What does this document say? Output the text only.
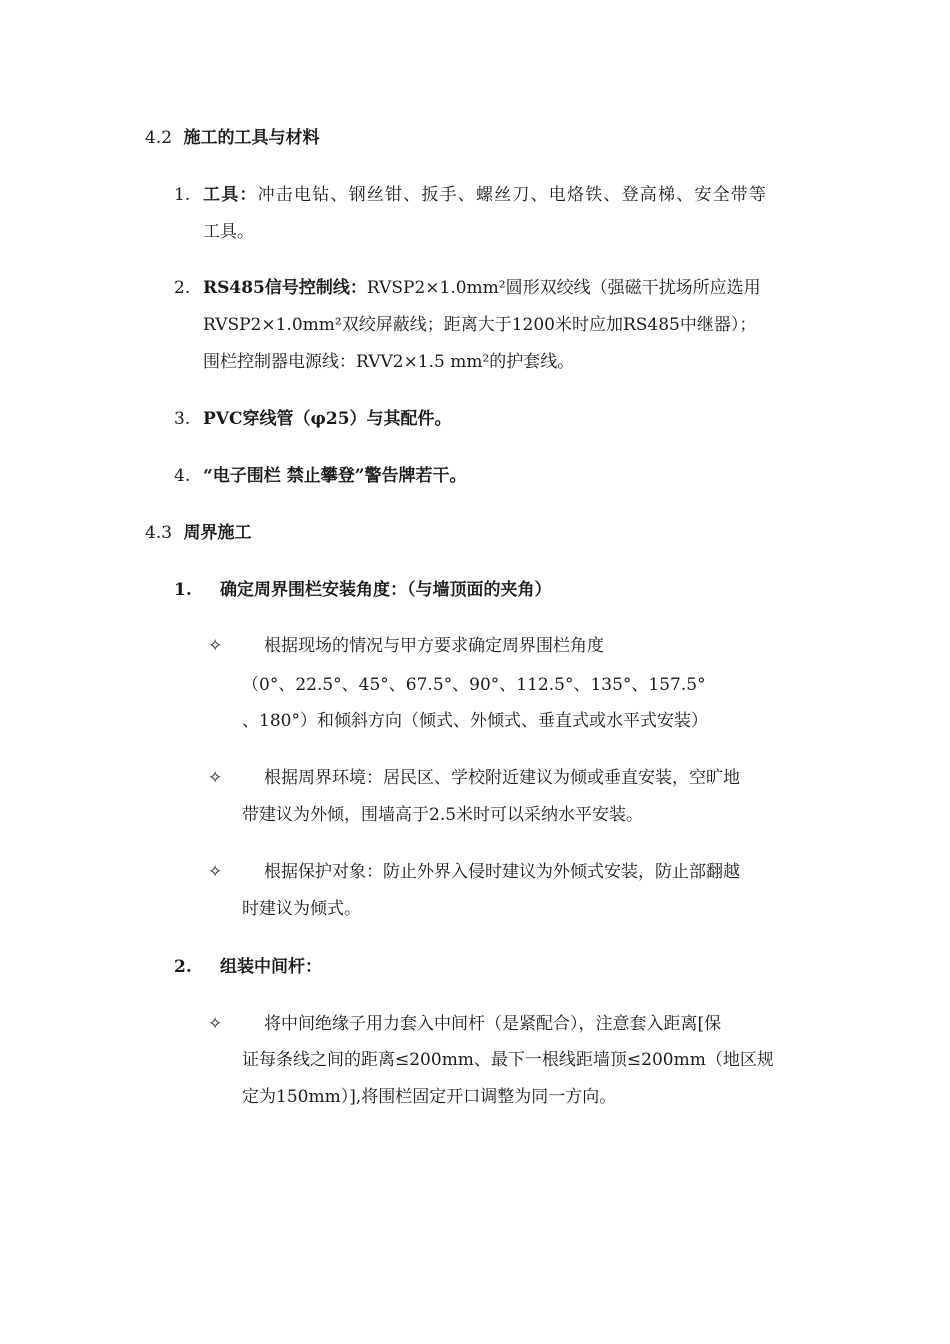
4.2 施工的工具与材料
1. 工具：冲击电钻、钢丝钳、扳手、螺丝刀、电烙铁、登高梯、安全带等
工具。
2. RS485信号控制线：RVSP2×1.0mm²圆形双绞线（强磁干扰场所应选用
RVSP2×1.0mm²双绞屏蔽线；距离大于1200米时应加RS485中继器）；
围栏控制器电源线：RVV2×1.5 mm²的护套线。
3. PVC穿线管（φ25）与其配件。
4. “电子围栏 禁止攀登”警告牌若干。
4.3 周界施工
1. 确定周界围栏安装角度：（与墙顶面的夹角）
✧ 根据现场的情况与甲方要求确定周界围栏角度
（0°、22.5°、45°、67.5°、90°、112.5°、135°、157.5°
、180°）和倾斜方向（倾式、外倾式、垂直式或水平式安装）
✧ 根据周界环境：居民区、学校附近建议为倾或垂直安装，空旷地
带建议为外倾，围墙高于2.5米时可以采纳水平安装。
✧ 根据保护对象：防止外界入侵时建议为外倾式安装，防止部翻越
时建议为倾式。
2. 组装中间杆：
✧ 将中间绝缘子用力套入中间杆（是紧配合），注意套入距离[保
证每条线之间的距离≤200mm、最下一根线距墙顶≤200mm（地区规
定为150mm）],将围栏固定开口调整为同一方向。
